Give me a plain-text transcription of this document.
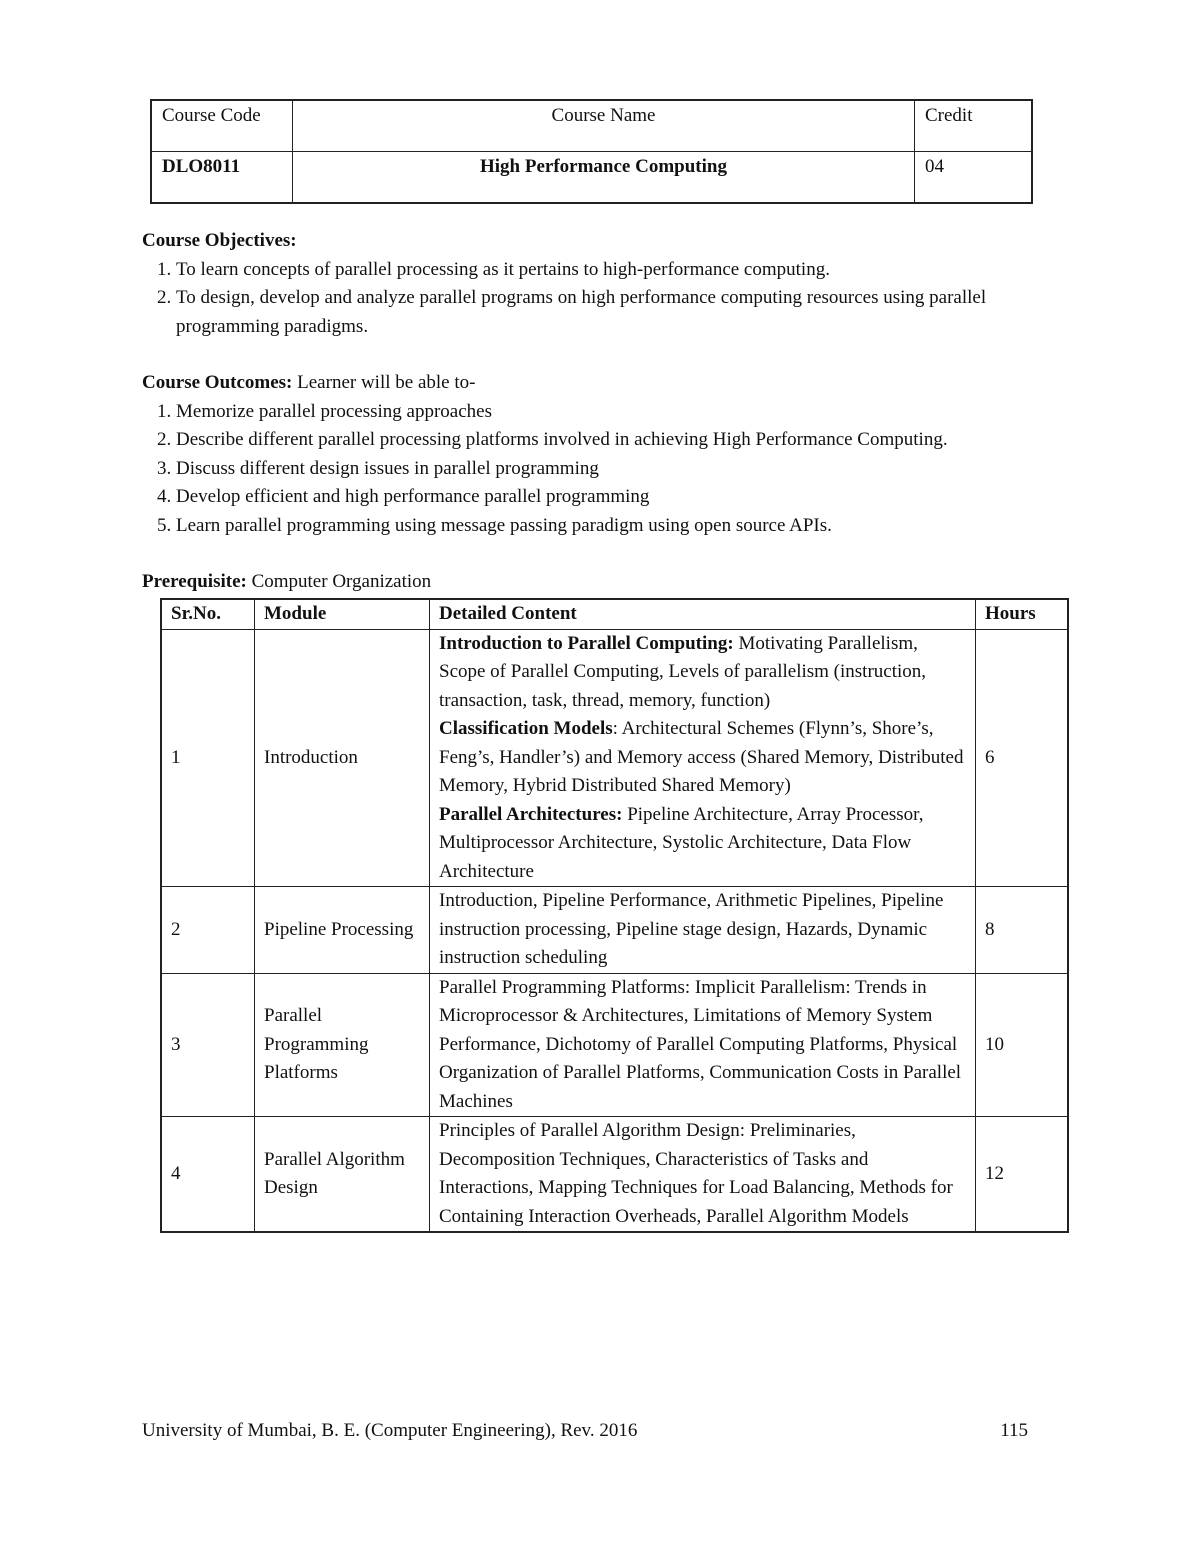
Course Code	Course Name	Credit
DLO8011	High Performance Computing	04
Course Objectives:
1. To learn concepts of parallel processing as it pertains to high-performance computing.
2. To design, develop and analyze parallel programs on high performance computing resources using parallel programming paradigms.
Course Outcomes: Learner will be able to-
1. Memorize parallel processing approaches
2. Describe different parallel processing platforms involved in achieving High Performance Computing.
3. Discuss different design issues in parallel programming
4. Develop efficient and high performance parallel programming
5. Learn parallel programming using message passing paradigm using open source APIs.
Prerequisite: Computer Organization
Sr.No.	Module	Detailed Content	Hours
1	Introduction	Introduction to Parallel Computing: Motivating Parallelism, Scope of Parallel Computing, Levels of parallelism (instruction, transaction, task, thread, memory, function)
Classification Models: Architectural Schemes (Flynn’s, Shore’s, Feng’s, Handler’s) and Memory access (Shared Memory, Distributed Memory, Hybrid Distributed Shared Memory)
Parallel Architectures: Pipeline Architecture, Array Processor, Multiprocessor Architecture, Systolic Architecture, Data Flow Architecture	6
2	Pipeline Processing	Introduction, Pipeline Performance, Arithmetic Pipelines, Pipeline instruction processing, Pipeline stage design, Hazards, Dynamic instruction scheduling	8
3	Parallel Programming Platforms	Parallel Programming Platforms: Implicit Parallelism: Trends in Microprocessor & Architectures, Limitations of Memory System Performance, Dichotomy of Parallel Computing Platforms, Physical Organization of Parallel Platforms, Communication Costs in Parallel Machines	10
4	Parallel Algorithm Design	Principles of Parallel Algorithm Design: Preliminaries, Decomposition Techniques, Characteristics of Tasks and Interactions, Mapping Techniques for Load Balancing, Methods for Containing Interaction Overheads, Parallel Algorithm Models	12
University of Mumbai, B. E. (Computer Engineering), Rev. 2016	115
